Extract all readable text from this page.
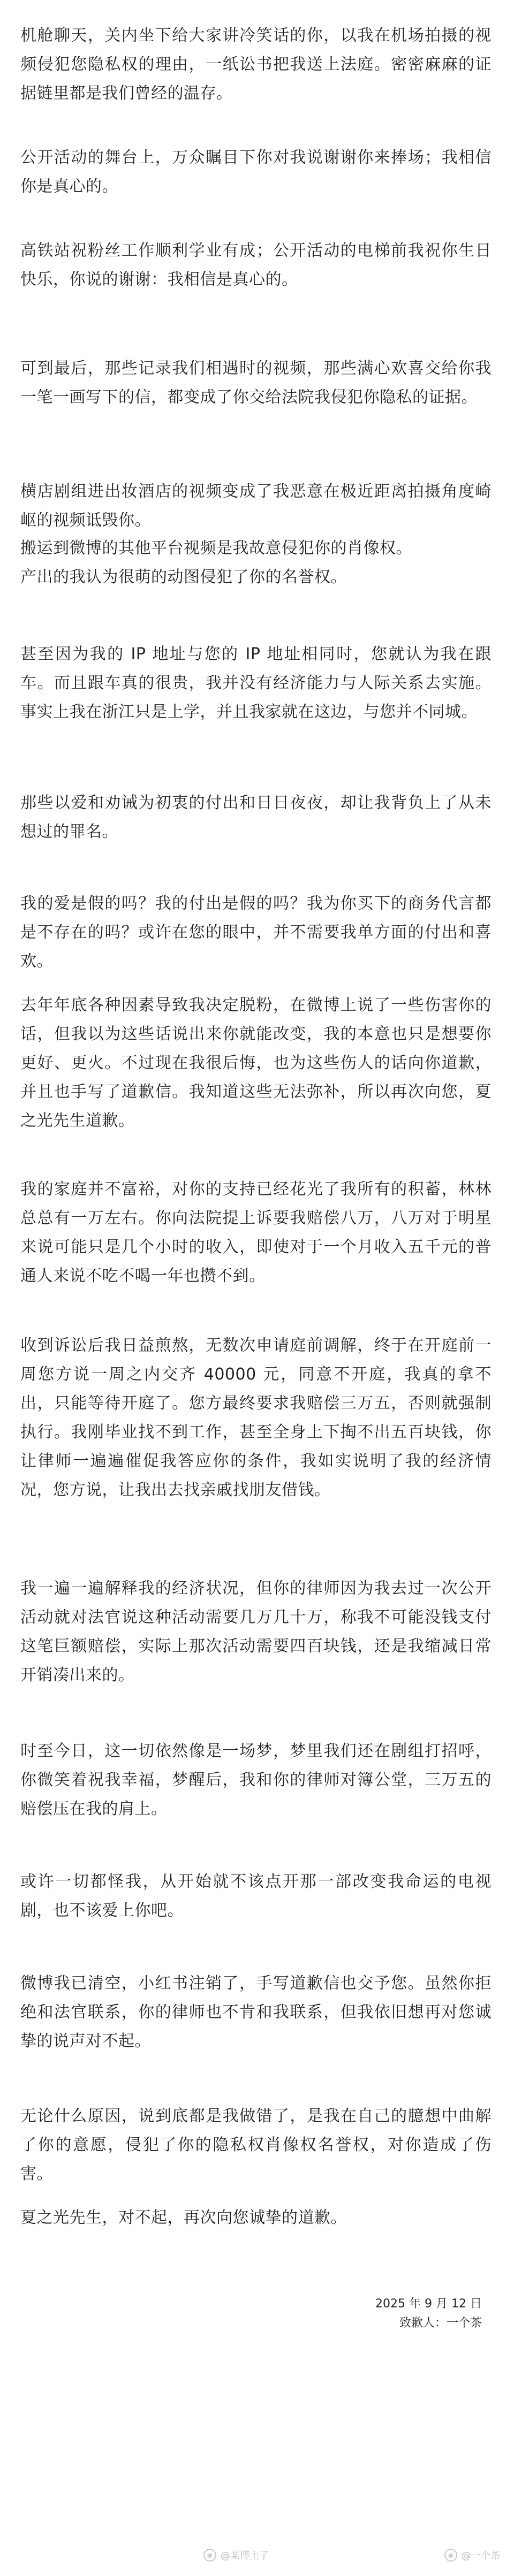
机舱聊天，关内坐下给大家讲冷笑话的你，以我在机场拍摄的视频侵犯您隐私权的理由，一纸讼书把我送上法庭。密密麻麻的证据链里都是我们曾经的温存。

公开活动的舞台上，万众瞩目下你对我说谢谢你来捧场；我相信你是真心的。

高铁站祝粉丝工作顺利学业有成；公开活动的电梯前我祝你生日快乐，你说的谢谢：我相信是真心的。

可到最后，那些记录我们相遇时的视频，那些满心欢喜交给你我一笔一画写下的信，都变成了你交给法院我侵犯你隐私的证据。

横店剧组进出妆酒店的视频变成了我恶意在极近距离拍摄角度崎岖的视频诋毁你。

搬运到微博的其他平台视频是我故意侵犯你的肖像权。

产出的我认为很萌的动图侵犯了你的名誉权。

甚至因为我的 IP 地址与您的 IP 地址相同时，您就认为我在跟车。而且跟车真的很贵，我并没有经济能力与人际关系去实施。事实上我在浙江只是上学，并且我家就在这边，与您并不同城。

那些以爱和劝诫为初衷的付出和日日夜夜，却让我背负上了从未想过的罪名。

我的爱是假的吗？我的付出是假的吗？我为你买下的商务代言都是不存在的吗？或许在您的眼中，并不需要我单方面的付出和喜欢。

去年年底各种因素导致我决定脱粉，在微博上说了一些伤害你的话，但我以为这些话说出来你就能改变，我的本意也只是想要你更好、更火。不过现在我很后悔，也为这些伤人的话向你道歉，并且也手写了道歉信。我知道这些无法弥补，所以再次向您，夏之光先生道歉。

我的家庭并不富裕，对你的支持已经花光了我所有的积蓄，林林总总有一万左右。你向法院提上诉要我赔偿八万，八万对于明星来说可能只是几个小时的收入，即使对于一个月收入五千元的普通人来说不吃不喝一年也攒不到。

收到诉讼后我日益煎熬，无数次申请庭前调解，终于在开庭前一周您方说一周之内交齐 40000 元，同意不开庭，我真的拿不出，只能等待开庭了。您方最终要求我赔偿三万五，否则就强制执行。我刚毕业找不到工作，甚至全身上下掏不出五百块钱，你让律师一遍遍催促我答应你的条件，我如实说明了我的经济情况，您方说，让我出去找亲戚找朋友借钱。

我一遍一遍解释我的经济状况，但你的律师因为我去过一次公开活动就对法官说这种活动需要几万几十万，称我不可能没钱支付这笔巨额赔偿，实际上那次活动需要四百块钱，还是我缩减日常开销凑出来的。

时至今日，这一切依然像是一场梦，梦里我们还在剧组打招呼，你微笑着祝我幸福，梦醒后，我和你的律师对簿公堂，三万五的赔偿压在我的肩上。

或许一切都怪我，从开始就不该点开那一部改变我命运的电视剧，也不该爱上你吧。

微博我已清空，小红书注销了，手写道歉信也交予您。虽然你拒绝和法官联系，你的律师也不肯和我联系，但我依旧想再对您诚挚的说声对不起。

无论什么原因，说到底都是我做错了，是我在自己的臆想中曲解了你的意愿，侵犯了你的隐私权肖像权名誉权，对你造成了伤害。

夏之光先生，对不起，再次向您诚挚的道歉。

2025 年 9 月 12 日
致歉人：一个茶
◉ @某博主了	◉ @一个茶
